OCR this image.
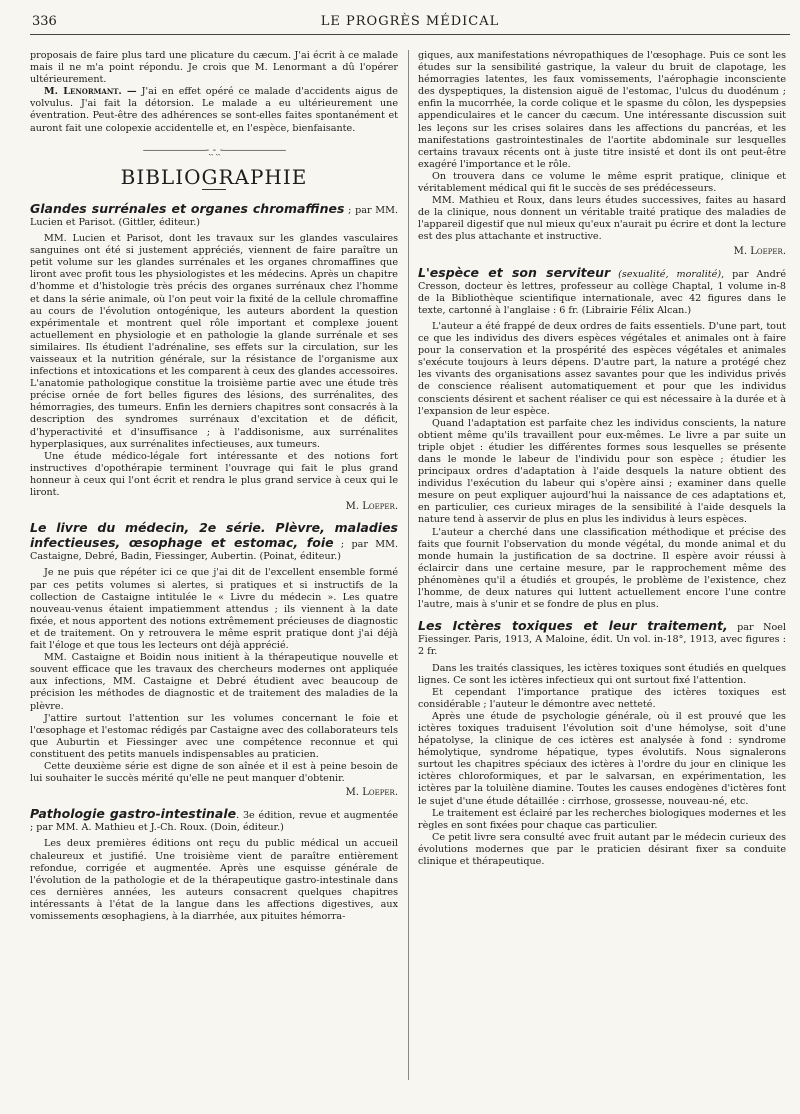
336	LE PROGRÈS MÉDICAL

proposais de faire plus tard une plicature du cæcum. J'ai écrit à ce malade mais il ne m'a point répondu. Je crois que M. Lenormant a dû l'opérer ultérieurement.

M. Lenormant. — J'ai en effet opéré ce malade d'accidents aigus de volvulus. J'ai fait la détorsion. Le malade a eu ultérieurement une éventration. Peut-être des adhérences se sont-elles faites spontanément et auront fait une colopexie accidentelle et, en l'espèce, bienfaisante.

———————-ˏˎ-ˏˎ-———————
BIBLIOGRAPHIE

Glandes surrénales et organes chromaffines ; par MM. Lucien et Parisot. (Gittler, éditeur.)

MM. Lucien et Parisot, dont les travaux sur les glandes vasculaires sanguines ont été si justement appréciés, viennent de faire paraître un petit volume sur les glandes surrénales et les organes chromaffines que liront avec profit tous les physiologistes et les médecins. Après un chapitre d'homme et d'histologie très précis des organes surrénaux chez l'homme et dans la série animale, où l'on peut voir la fixité de la cellule chromaffine au cours de l'évolution ontogénique, les auteurs abordent la question expérimentale et montrent quel rôle important et complexe jouent actuellement en physiologie et en pathologie la glande surrénale et ses similaires. Ils étudient l'adrénaline, ses effets sur la circulation, sur les vaisseaux et la nutrition générale, sur la résistance de l'organisme aux infections et intoxications et les comparent à ceux des glandes accessoires. L'anatomie pathologique constitue la troisième partie avec une étude très précise ornée de fort belles figures des lésions, des surrénalites, des hémorragies, des tumeurs. Enfin les derniers chapitres sont consacrés à la description des syndromes surrénaux d'excitation et de déficit, d'hyperactivité et d'insuffisance ; à l'addisonisme, aux surrénalites hyperplasiques, aux surrénalites infectieuses, aux tumeurs.

Une étude médico-légale fort intéressante et des notions fort instructives d'opothérapie terminent l'ouvrage qui fait le plus grand honneur à ceux qui l'ont écrit et rendra le plus grand service à ceux qui le liront.

M. Loeper.

Le livre du médecin, 2e série. Plèvre, maladies infectieuses, œsophage et estomac, foie ; par MM. Castaigne, Debré, Badin, Fiessinger, Aubertin. (Poinat, éditeur.)

Je ne puis que répéter ici ce que j'ai dit de l'excellent ensemble formé par ces petits volumes si alertes, si pratiques et si instructifs de la collection de Castaigne intitulée le « Livre du médecin ». Les quatre nouveau-venus étaient impatiemment attendus ; ils viennent à la date fixée, et nous apportent des notions extrêmement précieuses de diagnostic et de traitement. On y retrouvera le même esprit pratique dont j'ai déjà fait l'éloge et que tous les lecteurs ont déjà apprécié.

MM. Castaigne et Boidin nous initient à la thérapeutique nouvelle et souvent efficace que les travaux des chercheurs modernes ont appliquée aux infections, MM. Castaigne et Debré étudient avec beaucoup de précision les méthodes de diagnostic et de traitement des maladies de la plèvre.

J'attire surtout l'attention sur les volumes concernant le foie et l'œsophage et l'estomac rédigés par Castaigne avec des collaborateurs tels que Auburtin et Fiessinger avec une compétence reconnue et qui constituent des petits manuels indispensables au praticien.

Cette deuxième série est digne de son aînée et il est à peine besoin de lui souhaiter le succès mérité qu'elle ne peut manquer d'obtenir.

M. Loeper.

Pathologie gastro-intestinale. 3e édition, revue et augmentée ; par MM. A. Mathieu et J.-Ch. Roux. (Doin, éditeur.)

Les deux premières éditions ont reçu du public médical un accueil chaleureux et justifié. Une troisième vient de paraître entièrement refondue, corrigée et augmentée. Après une esquisse générale de l'évolution de la pathologie et de la thérapeutique gastro-intestinale dans ces dernières années, les auteurs consacrent quelques chapitres intéressants à l'état de la langue dans les affections digestives, aux vomissements œsophagiens, à la diarrhée, aux pituites hémorra-

giques, aux manifestations névropathiques de l'œsophage. Puis ce sont les études sur la sensibilité gastrique, la valeur du bruit de clapotage, les hémorragies latentes, les faux vomissements, l'aérophagie inconsciente des dyspeptiques, la distension aiguë de l'estomac, l'ulcus du duodénum ; enfin la mucorrhée, la corde colique et le spasme du côlon, les dyspepsies appendiculaires et le cancer du cæcum. Une intéressante discussion suit les leçons sur les crises solaires dans les affections du pancréas, et les manifestations gastrointestinales de l'aortite abdominale sur lesquelles certains travaux récents ont à juste titre insisté et dont ils ont peut-être exagéré l'importance et le rôle.

On trouvera dans ce volume le même esprit pratique, clinique et véritablement médical qui fit le succès de ses prédécesseurs.

MM. Mathieu et Roux, dans leurs études successives, faites au hasard de la clinique, nous donnent un véritable traité pratique des maladies de l'appareil digestif que nul mieux qu'eux n'aurait pu écrire et dont la lecture est des plus attachante et instructive.

M. Loeper.

L'espèce et son serviteur (sexualité, moralité), par André Cresson, docteur ès lettres, professeur au collège Chaptal, 1 volume in-8 de la Bibliothèque scientifique internationale, avec 42 figures dans le texte, cartonné à l'anglaise : 6 fr. (Librairie Félix Alcan.)

L'auteur a été frappé de deux ordres de faits essentiels. D'une part, tout ce que les individus des divers espèces végétales et animales ont à faire pour la conservation et la prospérité des espèces végétales et animales s'exécute toujours à leurs dépens. D'autre part, la nature a protégé chez les vivants des organisations assez savantes pour que les individus privés de conscience réalisent automatiquement et pour que les individus conscients désirent et sachent réaliser ce qui est nécessaire à la durée et à l'expansion de leur espèce.

Quand l'adaptation est parfaite chez les individus conscients, la nature obtient même qu'ils travaillent pour eux-mêmes. Le livre a par suite un triple objet : étudier les différentes formes sous lesquelles se présente dans le monde le labeur de l'individu pour son espèce ; étudier les principaux ordres d'adaptation à l'aide desquels la nature obtient des individus l'exécution du labeur qui s'opère ainsi ; examiner dans quelle mesure on peut expliquer aujourd'hui la naissance de ces adaptations et, en particulier, ces curieux mirages de la sensibilité à l'aide desquels la nature tend à asservir de plus en plus les individus à leurs espèces.

L'auteur a cherché dans une classification méthodique et précise des faits que fournit l'observation du monde végétal, du monde animal et du monde humain la justification de sa doctrine. Il espère avoir réussi à éclaircir dans une certaine mesure, par le rapprochement même des phénomènes qu'il a étudiés et groupés, le problème de l'existence, chez l'homme, de deux natures qui luttent actuellement encore l'une contre l'autre, mais à s'unir et se fondre de plus en plus.

Les Ictères toxiques et leur traitement, par Noel Fiessinger. Paris, 1913, A Maloine, édit. Un vol. in-18°, 1913, avec figures : 2 fr.

Dans les traités classiques, les ictères toxiques sont étudiés en quelques lignes. Ce sont les ictères infectieux qui ont surtout fixé l'attention.

Et cependant l'importance pratique des ictères toxiques est considérable ; l'auteur le démontre avec netteté.

Après une étude de psychologie générale, où il est prouvé que les ictères toxiques traduisent l'évolution soit d'une hémolyse, soit d'une hépatolyse, la clinique de ces ictères est analysée à fond : syndrome hémolytique, syndrome hépatique, types évolutifs. Nous signalerons surtout les chapitres spéciaux des ictères à l'ordre du jour en clinique les ictères chloroformiques, et par le salvarsan, en expérimentation, les ictères par la toluilène diamine. Toutes les causes endogènes d'ictères font le sujet d'une étude détaillée : cirrhose, grossesse, nouveau-né, etc.

Le traitement est éclairé par les recherches biologiques modernes et les règles en sont fixées pour chaque cas particulier.

Ce petit livre sera consulté avec fruit autant par le médecin curieux des évolutions modernes que par le praticien désirant fixer sa conduite clinique et thérapeutique.
